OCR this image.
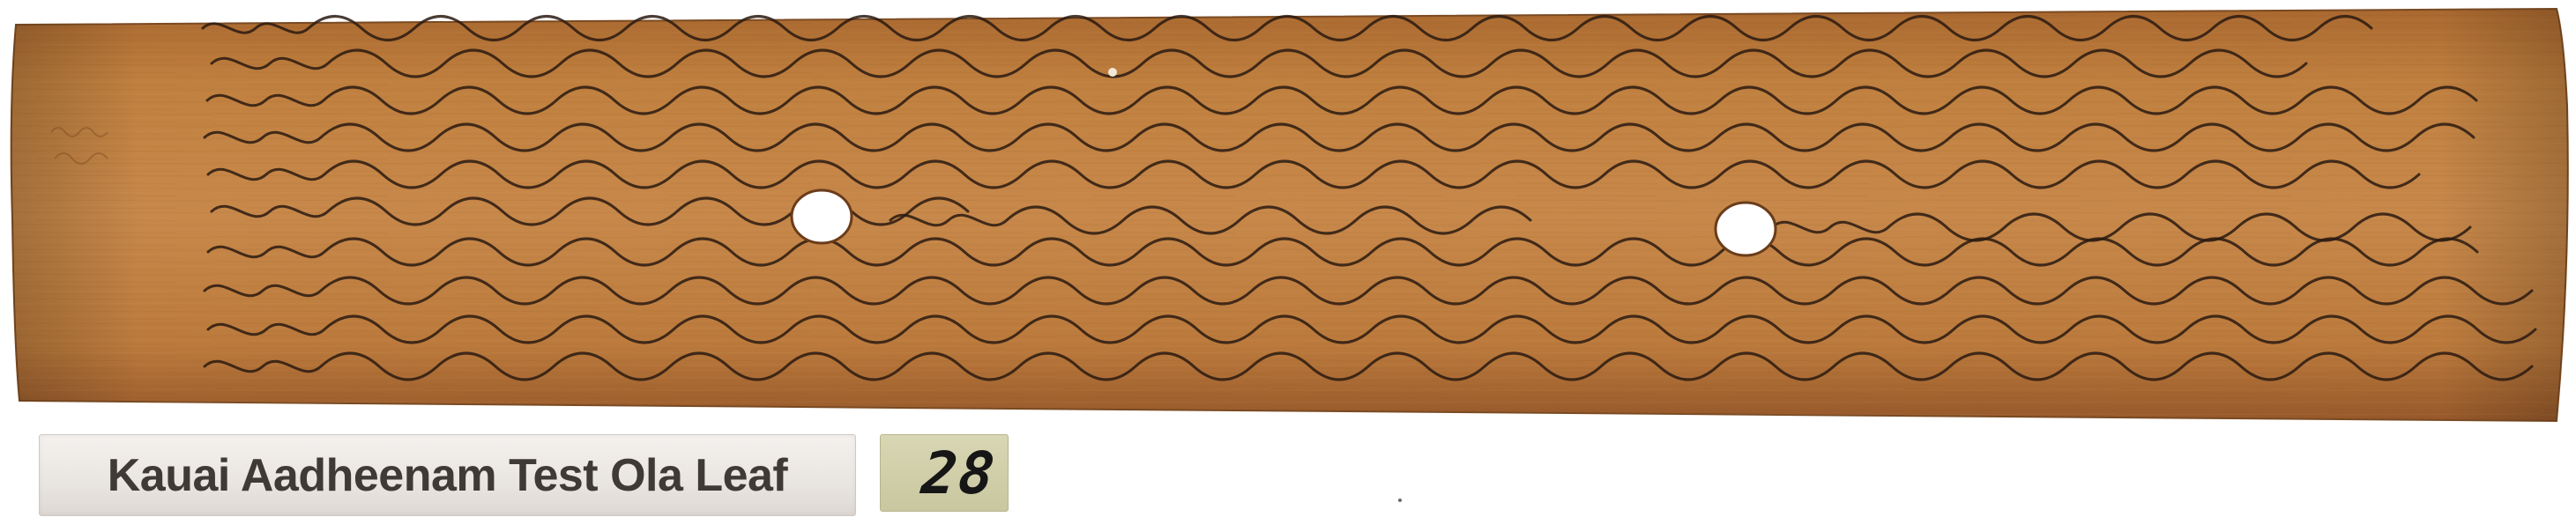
Kauai Aadheenam Test Ola Leaf 28
